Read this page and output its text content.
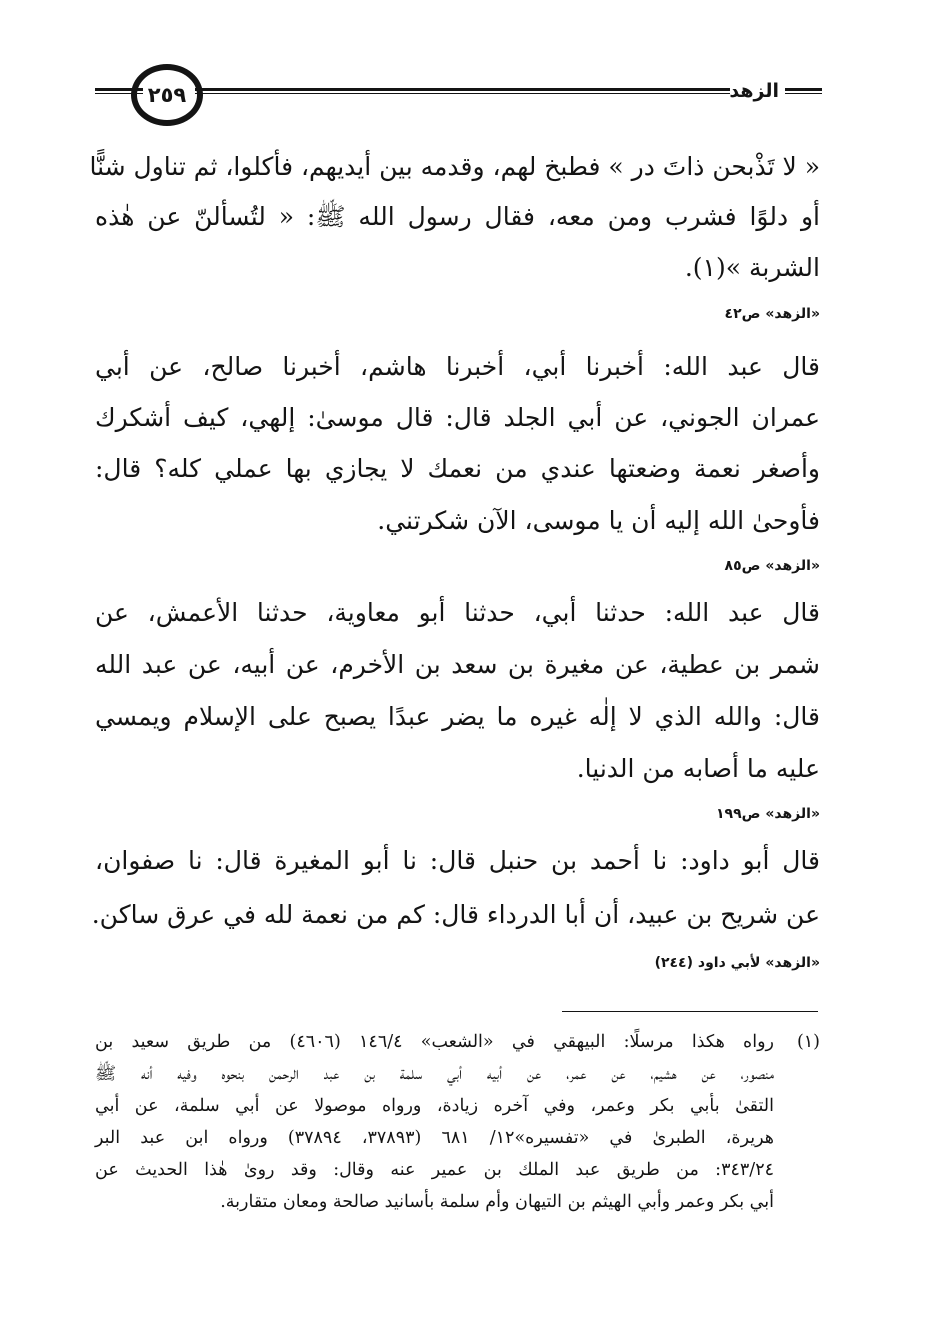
٢٥٩	الزهد
« لا تَذْبحن ذاتَ در » فطبخ لهم، وقدمه بين أيديهم، فأكلوا، ثم تناول شنًّا
أو دلوًا فشرب ومن معه، فقال رسول الله ﷺ: « لتُسألنّ عن هٰذه
الشربة »(١).
«الزهد» ص٤٢
قال عبد الله: أخبرنا أبي، أخبرنا هاشم، أخبرنا صالح، عن أبي
عمران الجوني، عن أبي الجلد قال: قال موسىٰ: إلهي، كيف أشكرك
وأصغر نعمة وضعتها عندي من نعمك لا يجازي بها عملي كله؟ قال:
فأوحىٰ الله إليه أن يا موسى، الآن شكرتني.
«الزهد» ص٨٥
قال عبد الله: حدثنا أبي، حدثنا أبو معاوية، حدثنا الأعمش، عن
شمر بن عطية، عن مغيرة بن سعد بن الأخرم، عن أبيه، عن عبد الله
قال: والله الذي لا إلٰه غيره ما يضر عبدًا يصبح على الإسلام ويمسي
عليه ما أصابه من الدنيا.
«الزهد» ص١٩٩
قال أبو داود: نا أحمد بن حنبل قال: نا أبو المغيرة قال: نا صفوان،
عن شريح بن عبيد، أن أبا الدرداء قال: كم من نعمة لله في عرق ساكن.
«الزهد» لأبي داود (٢٤٤)
(١)
رواه هكذا مرسلًا: البيهقي في «الشعب» ١٤٦/٤ (٤٦٠٦) من طريق سعيد بن
منصور، عن هشيم، عن عمر، عن أبيه أبي سلمة بن عبد الرحمن بنحوه وفيه أنه ﷺ
التقىٰ بأبي بكر وعمر، وفي آخره زيادة، ورواه موصولا عن أبي سلمة، عن أبي
هريرة، الطبرىٰ في «تفسيره»١٢/ ٦٨١ (٣٧٨٩٣، ٣٧٨٩٤) ورواه ابن عبد البر
٣٤٣/٢٤: من طريق عبد الملك بن عمير عنه وقال: وقد روىٰ هٰذا الحديث عن
أبي بكر وعمر وأبي الهيثم بن التيهان وأم سلمة بأسانيد صالحة ومعان متقاربة.
